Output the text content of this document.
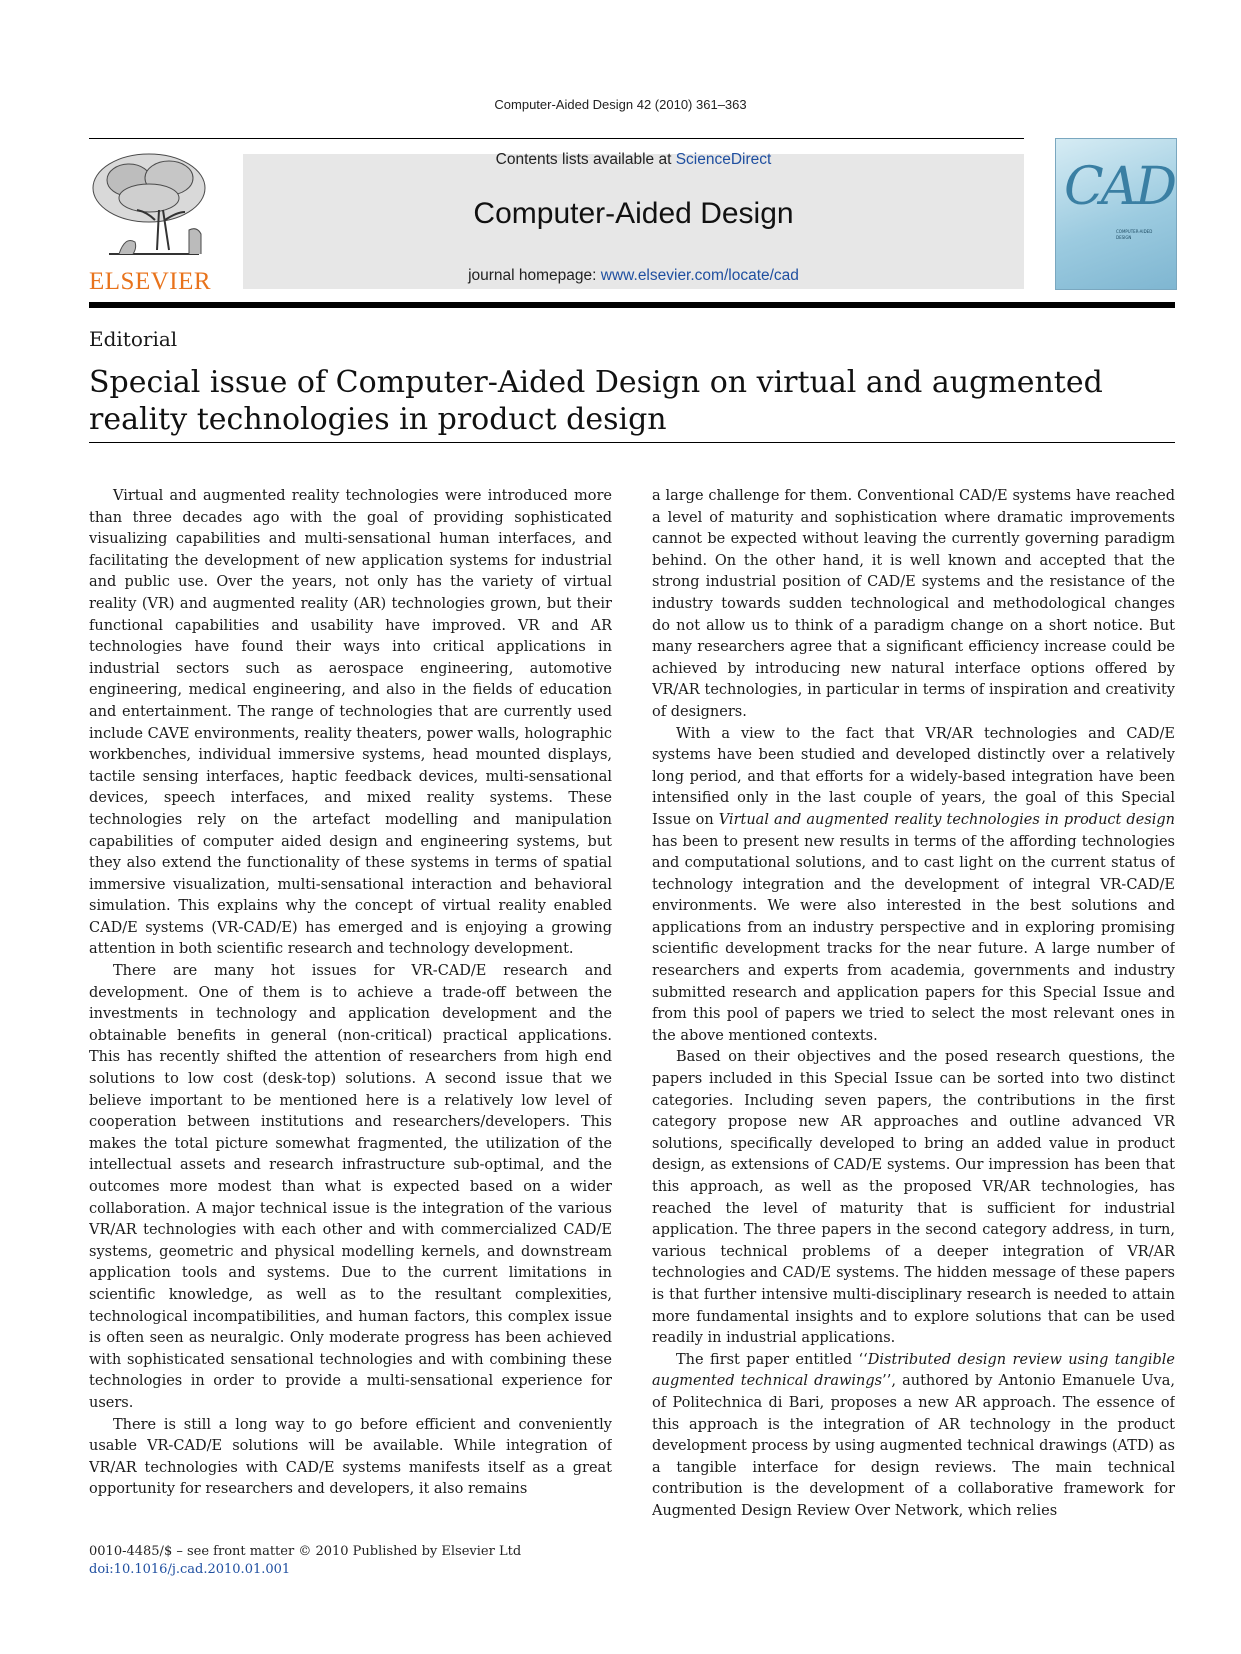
Computer-Aided Design 42 (2010) 361–363
ELSEVIER
Contents lists available at ScienceDirect
Computer-Aided Design
journal homepage: www.elsevier.com/locate/cad
CAD
COMPUTER-AIDED DESIGN
Editorial
Special issue of Computer-Aided Design on virtual and augmented reality technologies in product design

Virtual and augmented reality technologies were introduced more than three decades ago with the goal of providing sophisticated visualizing capabilities and multi-sensational human interfaces, and facilitating the development of new application systems for industrial and public use. Over the years, not only has the variety of virtual reality (VR) and augmented reality (AR) technologies grown, but their functional capabilities and usability have improved. VR and AR technologies have found their ways into critical applications in industrial sectors such as aerospace engineering, automotive engineering, medical engineering, and also in the fields of education and entertainment. The range of technologies that are currently used include CAVE environments, reality theaters, power walls, holographic workbenches, individual immersive systems, head mounted displays, tactile sensing interfaces, haptic feedback devices, multi-sensational devices, speech interfaces, and mixed reality systems. These technologies rely on the artefact modelling and manipulation capabilities of computer aided design and engineering systems, but they also extend the functionality of these systems in terms of spatial immersive visualization, multi-sensational interaction and behavioral simulation. This explains why the concept of virtual reality enabled CAD/E systems (VR-CAD/E) has emerged and is enjoying a growing attention in both scientific research and technology development.

There are many hot issues for VR-CAD/E research and development. One of them is to achieve a trade-off between the investments in technology and application development and the obtainable benefits in general (non-critical) practical applications. This has recently shifted the attention of researchers from high end solutions to low cost (desk-top) solutions. A second issue that we believe important to be mentioned here is a relatively low level of cooperation between institutions and researchers/developers. This makes the total picture somewhat fragmented, the utilization of the intellectual assets and research infrastructure sub-optimal, and the outcomes more modest than what is expected based on a wider collaboration. A major technical issue is the integration of the various VR/AR technologies with each other and with commercialized CAD/E systems, geometric and physical modelling kernels, and downstream application tools and systems. Due to the current limitations in scientific knowledge, as well as to the resultant complexities, technological incompatibilities, and human factors, this complex issue is often seen as neuralgic. Only moderate progress has been achieved with sophisticated sensational technologies and with combining these technologies in order to provide a multi-sensational experience for users.

There is still a long way to go before efficient and conveniently usable VR-CAD/E solutions will be available. While integration of VR/AR technologies with CAD/E systems manifests itself as a great opportunity for researchers and developers, it also remains

a large challenge for them. Conventional CAD/E systems have reached a level of maturity and sophistication where dramatic improvements cannot be expected without leaving the currently governing paradigm behind. On the other hand, it is well known and accepted that the strong industrial position of CAD/E systems and the resistance of the industry towards sudden technological and methodological changes do not allow us to think of a paradigm change on a short notice. But many researchers agree that a significant efficiency increase could be achieved by introducing new natural interface options offered by VR/AR technologies, in particular in terms of inspiration and creativity of designers.

With a view to the fact that VR/AR technologies and CAD/E systems have been studied and developed distinctly over a relatively long period, and that efforts for a widely-based integration have been intensified only in the last couple of years, the goal of this Special Issue on Virtual and augmented reality technologies in product design has been to present new results in terms of the affording technologies and computational solutions, and to cast light on the current status of technology integration and the development of integral VR-CAD/E environments. We were also interested in the best solutions and applications from an industry perspective and in exploring promising scientific development tracks for the near future. A large number of researchers and experts from academia, governments and industry submitted research and application papers for this Special Issue and from this pool of papers we tried to select the most relevant ones in the above mentioned contexts.

Based on their objectives and the posed research questions, the papers included in this Special Issue can be sorted into two distinct categories. Including seven papers, the contributions in the first category propose new AR approaches and outline advanced VR solutions, specifically developed to bring an added value in product design, as extensions of CAD/E systems. Our impression has been that this approach, as well as the proposed VR/AR technologies, has reached the level of maturity that is sufficient for industrial application. The three papers in the second category address, in turn, various technical problems of a deeper integration of VR/AR technologies and CAD/E systems. The hidden message of these papers is that further intensive multi-disciplinary research is needed to attain more fundamental insights and to explore solutions that can be used readily in industrial applications.

The first paper entitled ‘‘Distributed design review using tangible augmented technical drawings’’, authored by Antonio Emanuele Uva, of Politechnica di Bari, proposes a new AR approach. The essence of this approach is the integration of AR technology in the product development process by using augmented technical drawings (ATD) as a tangible interface for design reviews. The main technical contribution is the development of a collaborative framework for Augmented Design Review Over Network, which relies

0010-4485/$ – see front matter © 2010 Published by Elsevier Ltd
doi:10.1016/j.cad.2010.01.001
